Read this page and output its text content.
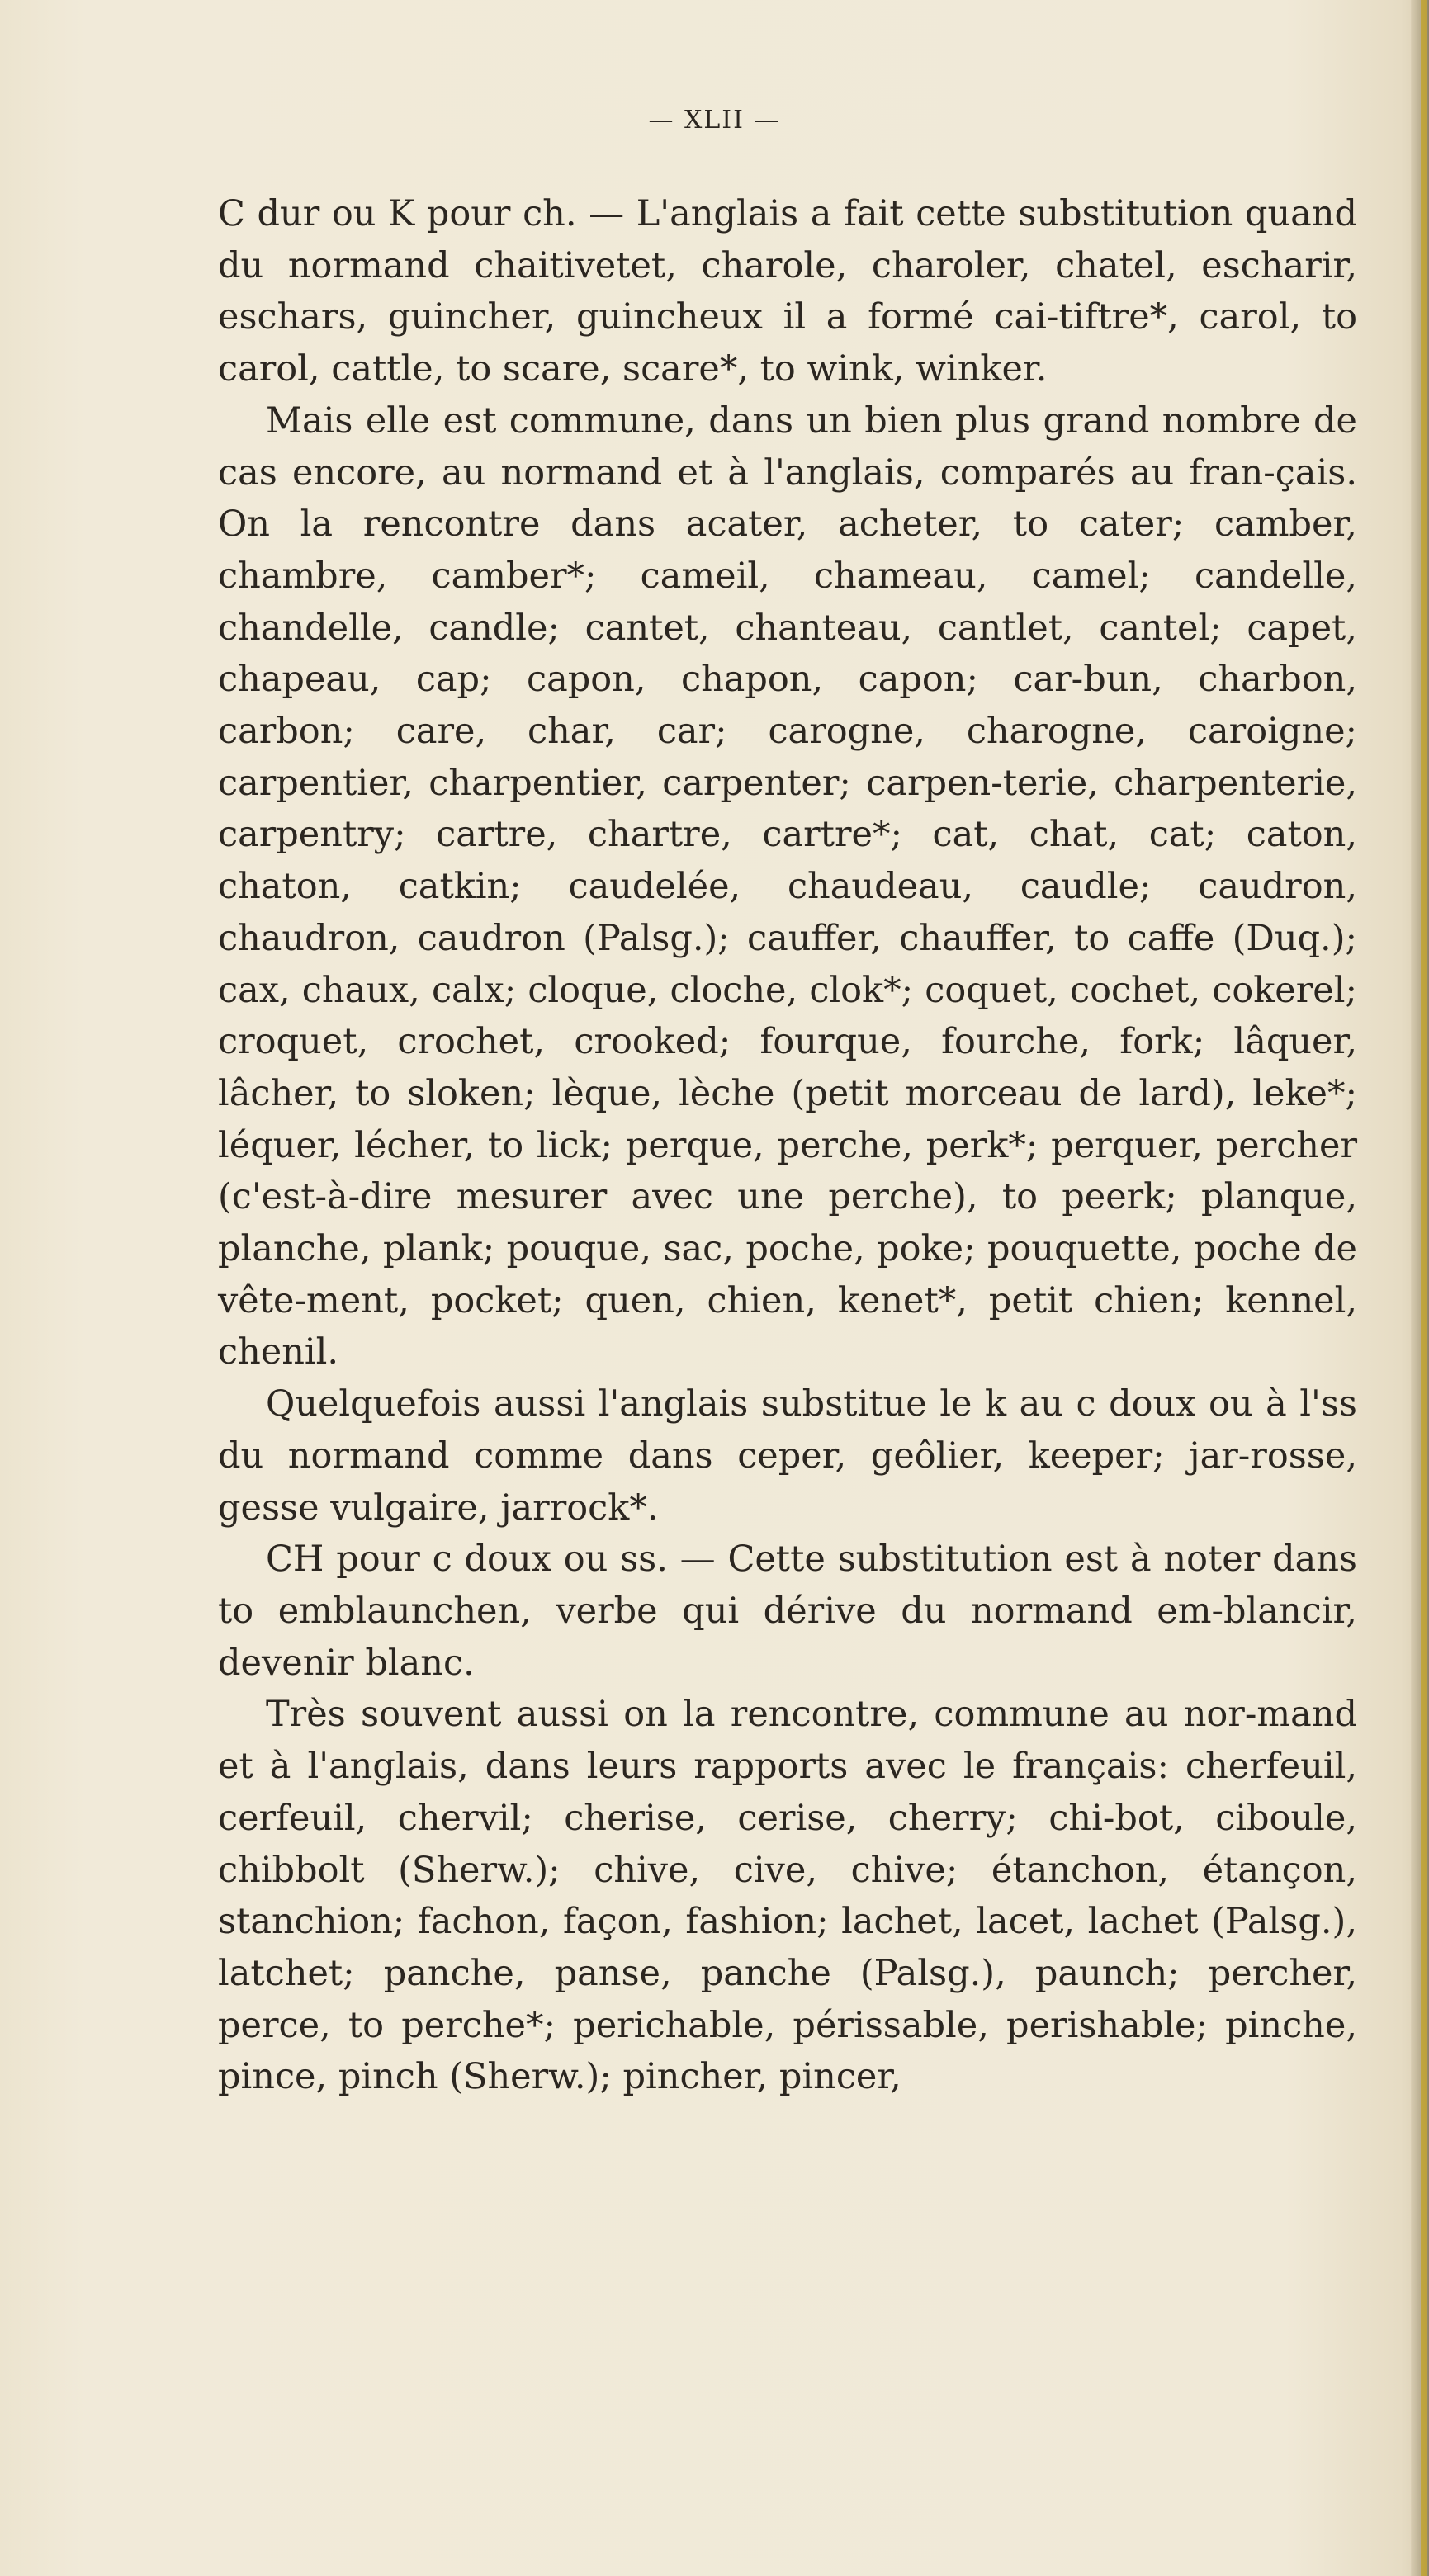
— XLII —

C dur ou K pour ch. — L'anglais a fait cette substitution quand du normand chaitivetet, charole, charoler, chatel, escharir, eschars, guincher, guincheux il a formé cai-tiftre*, carol, to carol, cattle, to scare, scare*, to wink, winker.

Mais elle est commune, dans un bien plus grand nombre de cas encore, au normand et à l'anglais, comparés au fran-çais. On la rencontre dans acater, acheter, to cater; camber, chambre, camber*; cameil, chameau, camel; candelle, chandelle, candle; cantet, chanteau, cantlet, cantel; capet, chapeau, cap; capon, chapon, capon; car-bun, charbon, carbon; care, char, car; carogne, charogne, caroigne; carpentier, charpentier, carpenter; carpen-terie, charpenterie, carpentry; cartre, chartre, cartre*; cat, chat, cat; caton, chaton, catkin; caudelée, chaudeau, caudle; caudron, chaudron, caudron (Palsg.); cauffer, chauffer, to caffe (Duq.); cax, chaux, calx; cloque, cloche, clok*; coquet, cochet, cokerel; croquet, crochet, crooked; fourque, fourche, fork; lâquer, lâcher, to sloken; lèque, lèche (petit morceau de lard), leke*; léquer, lécher, to lick; perque, perche, perk*; perquer, percher (c'est-à-dire mesurer avec une perche), to peerk; planque, planche, plank; pouque, sac, poche, poke; pouquette, poche de vête-ment, pocket; quen, chien, kenet*, petit chien; kennel, chenil.

Quelquefois aussi l'anglais substitue le k au c doux ou à l'ss du normand comme dans ceper, geôlier, keeper; jar-rosse, gesse vulgaire, jarrock*.

CH pour c doux ou ss. — Cette substitution est à noter dans to emblaunchen, verbe qui dérive du normand em-blancir, devenir blanc.

Très souvent aussi on la rencontre, commune au nor-mand et à l'anglais, dans leurs rapports avec le français: cherfeuil, cerfeuil, chervil; cherise, cerise, cherry; chi-bot, ciboule, chibbolt (Sherw.); chive, cive, chive; étanchon, étançon, stanchion; fachon, façon, fashion; lachet, lacet, lachet (Palsg.), latchet; panche, panse, panche (Palsg.), paunch; percher, perce, to perche*; perichable, périssable, perishable; pinche, pince, pinch (Sherw.); pincher, pincer,
